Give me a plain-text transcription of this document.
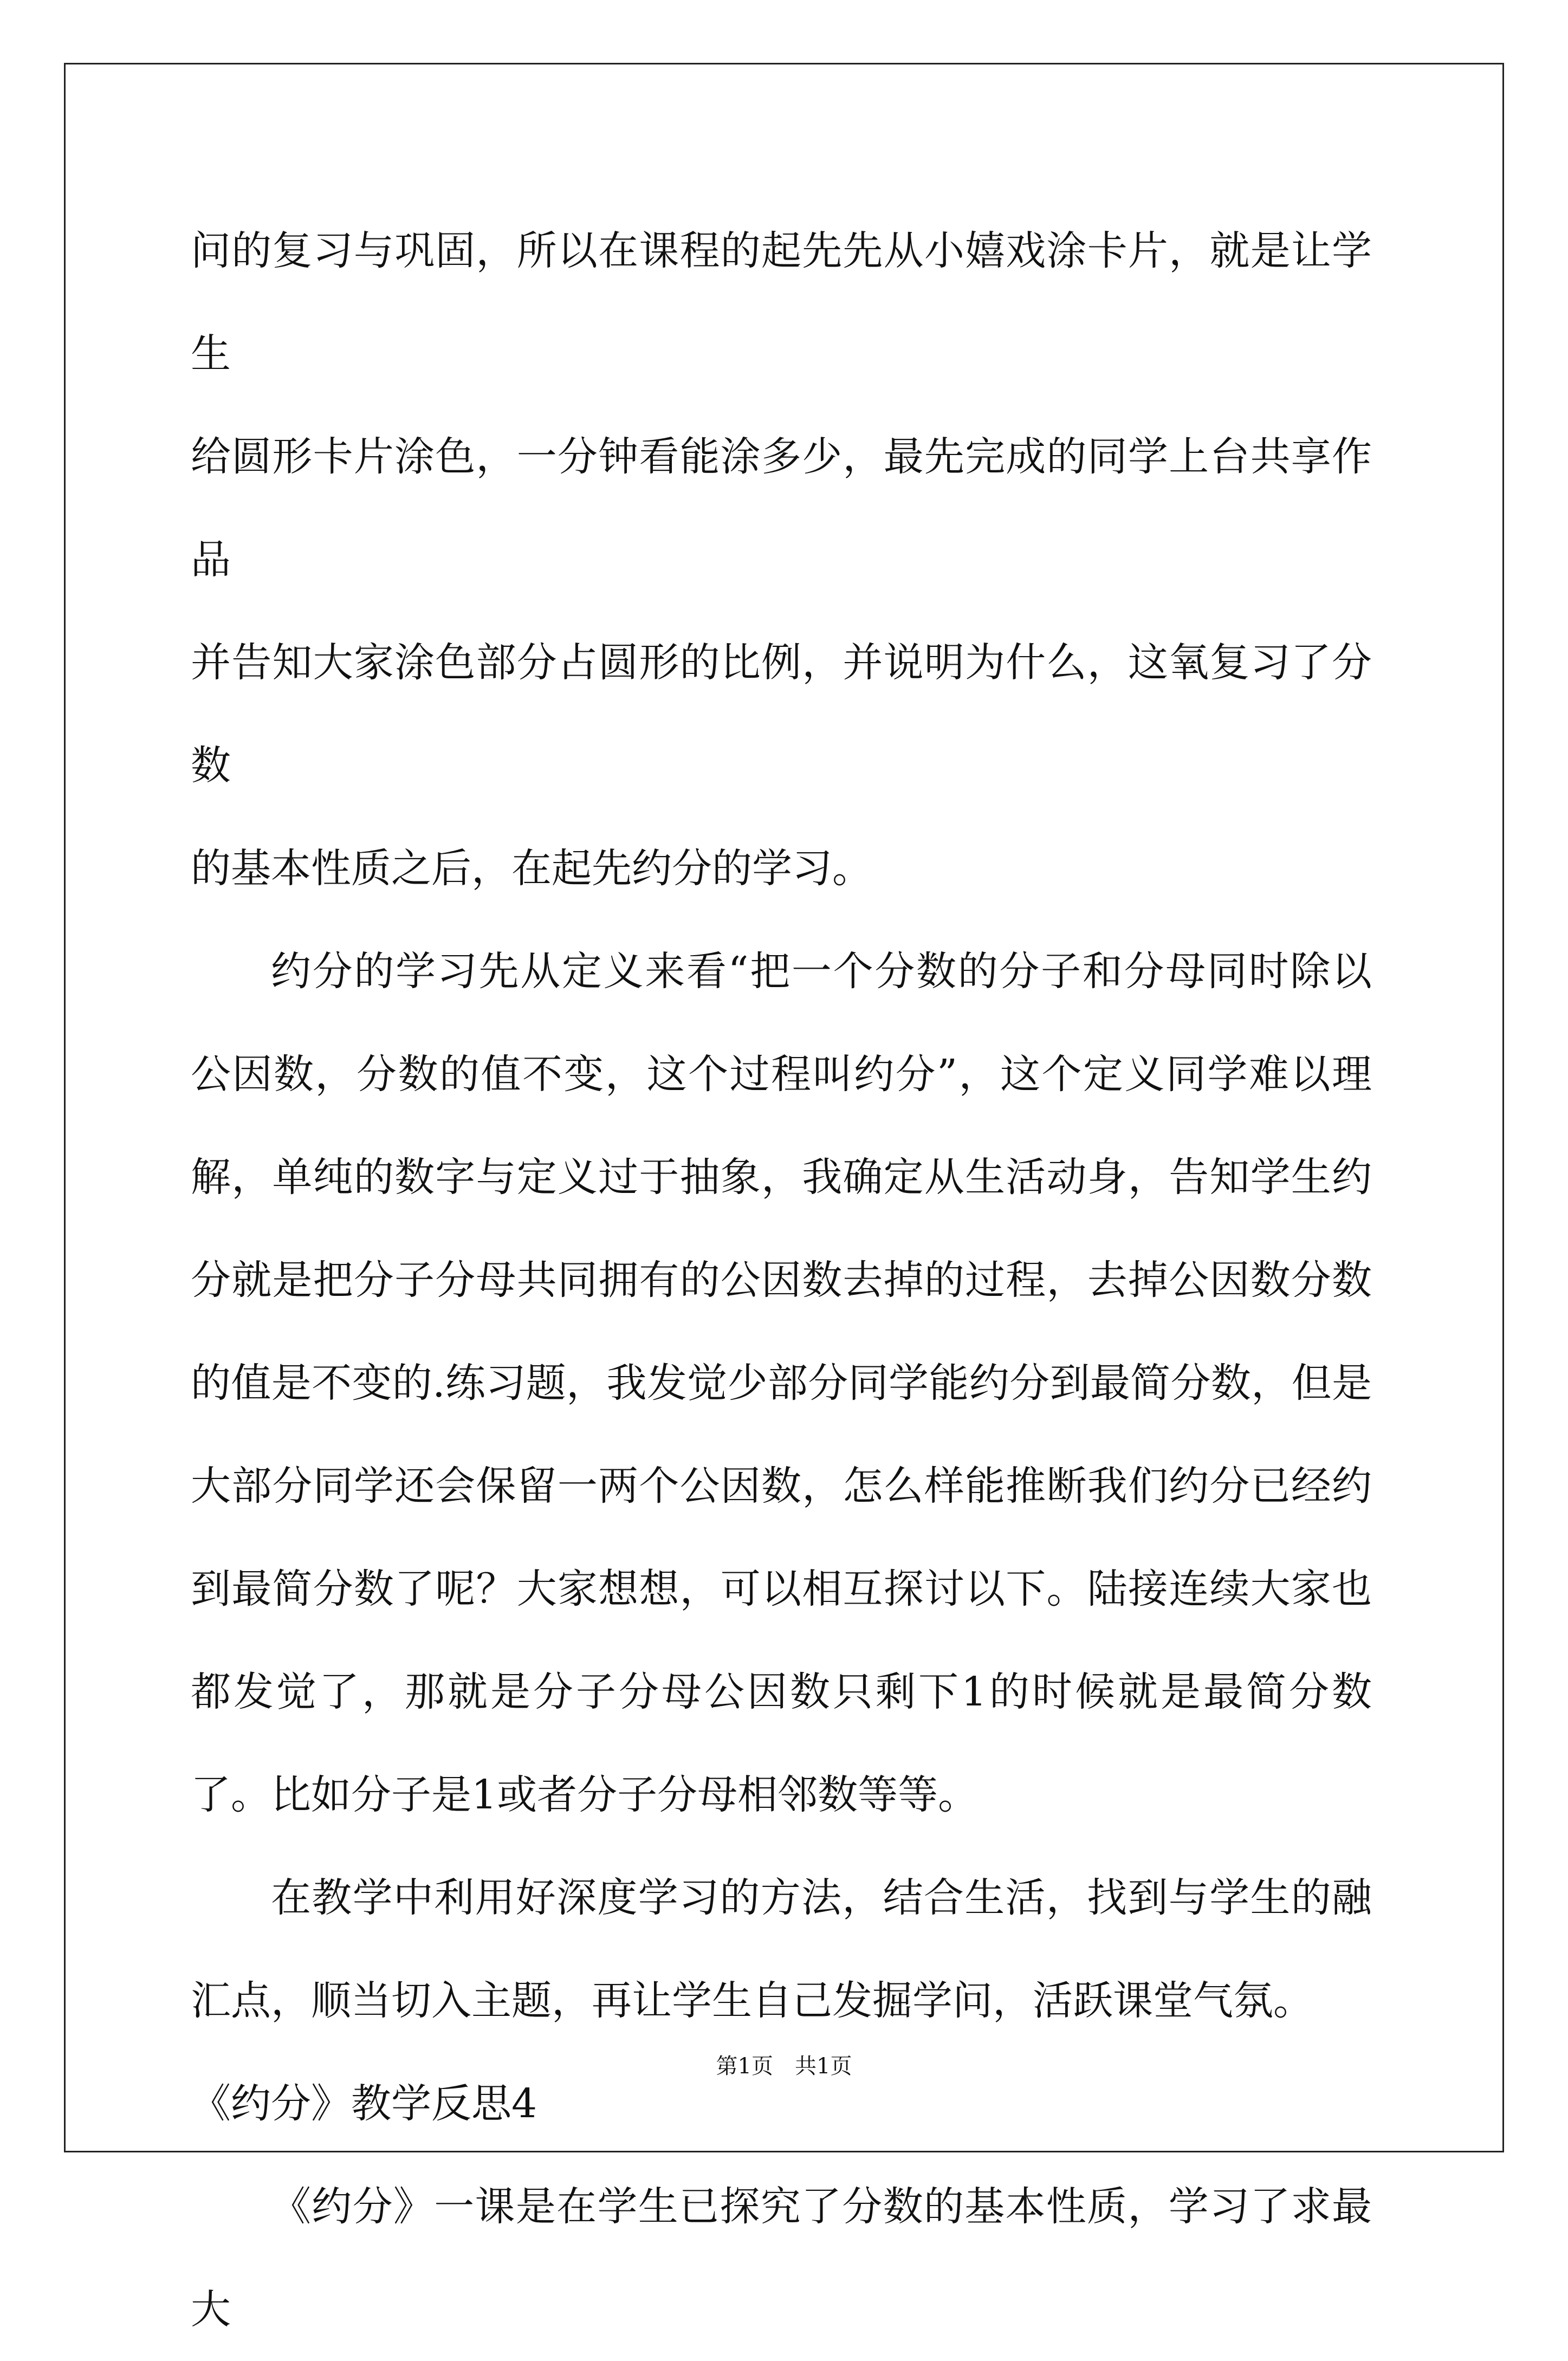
问的复习与巩固，所以在课程的起先先从小嬉戏涂卡片，就是让学生

给圆形卡片涂色，一分钟看能涂多少，最先完成的同学上台共享作品

并告知大家涂色部分占圆形的比例，并说明为什么，这氧复习了分数

的基本性质之后，在起先约分的学习。

约分的学习先从定义来看“把一个分数的分子和分母同时除以公因数，分数的值不变，这个过程叫约分”，这个定义同学难以理解，单纯的数字与定义过于抽象，我确定从生活动身，告知学生约分就是把分子分母共同拥有的公因数去掉的过程，去掉公因数分数的值是不变的.练习题，我发觉少部分同学能约分到最简分数，但是大部分同学还会保留一两个公因数，怎么样能推断我们约分已经约到最简分数了呢？大家想想，可以相互探讨以下。陆接连续大家也都发觉了，那就是分子分母公因数只剩下1的时候就是最简分数了。比如分子是1或者分子分母相邻数等等。

在教学中利用好深度学习的方法，结合生活，找到与学生的融汇点，顺当切入主题，再让学生自己发掘学问，活跃课堂气氛。

《约分》教学反思4

《约分》一课是在学生已探究了分数的基本性质，学习了求最大

第1页　共1页
